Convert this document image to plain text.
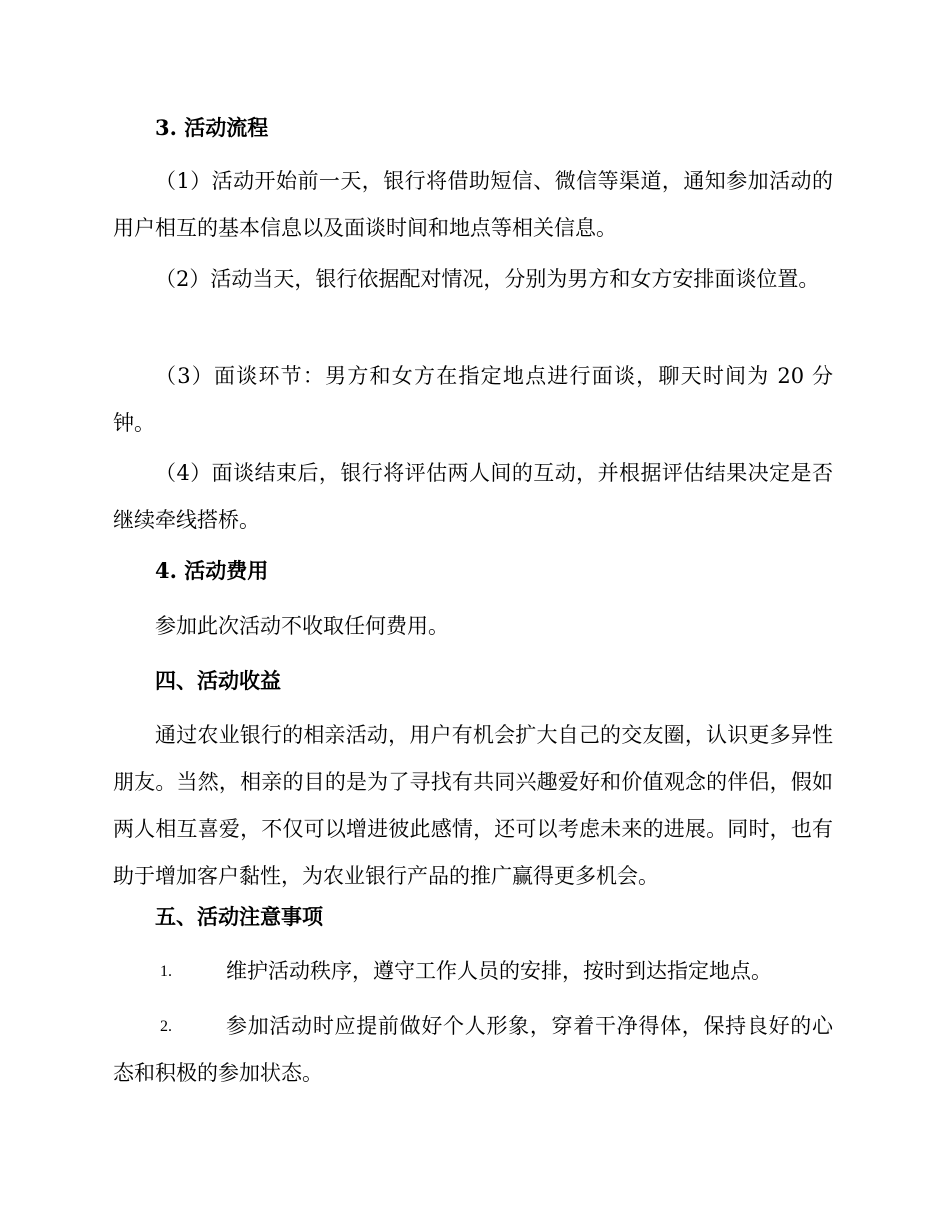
3. 活动流程

（1）活动开始前一天，银行将借助短信、微信等渠道，通知参加活动的用户相互的基本信息以及面谈时间和地点等相关信息。

（2）活动当天，银行依据配对情况，分别为男方和女方安排面谈位置。

（3）面谈环节：男方和女方在指定地点进行面谈，聊天时间为 20 分钟。

（4）面谈结束后，银行将评估两人间的互动，并根据评估结果决定是否继续牵线搭桥。

4. 活动费用

参加此次活动不收取任何费用。

四、活动收益

通过农业银行的相亲活动，用户有机会扩大自己的交友圈，认识更多异性朋友。当然，相亲的目的是为了寻找有共同兴趣爱好和价值观念的伴侣，假如两人相互喜爱，不仅可以增进彼此感情，还可以考虑未来的进展。同时，也有助于增加客户黏性，为农业银行产品的推广赢得更多机会。

五、活动注意事项

1.	维护活动秩序，遵守工作人员的安排，按时到达指定地点。
2.	参加活动时应提前做好个人形象，穿着干净得体，保持良好的心态和积极的参加状态。
